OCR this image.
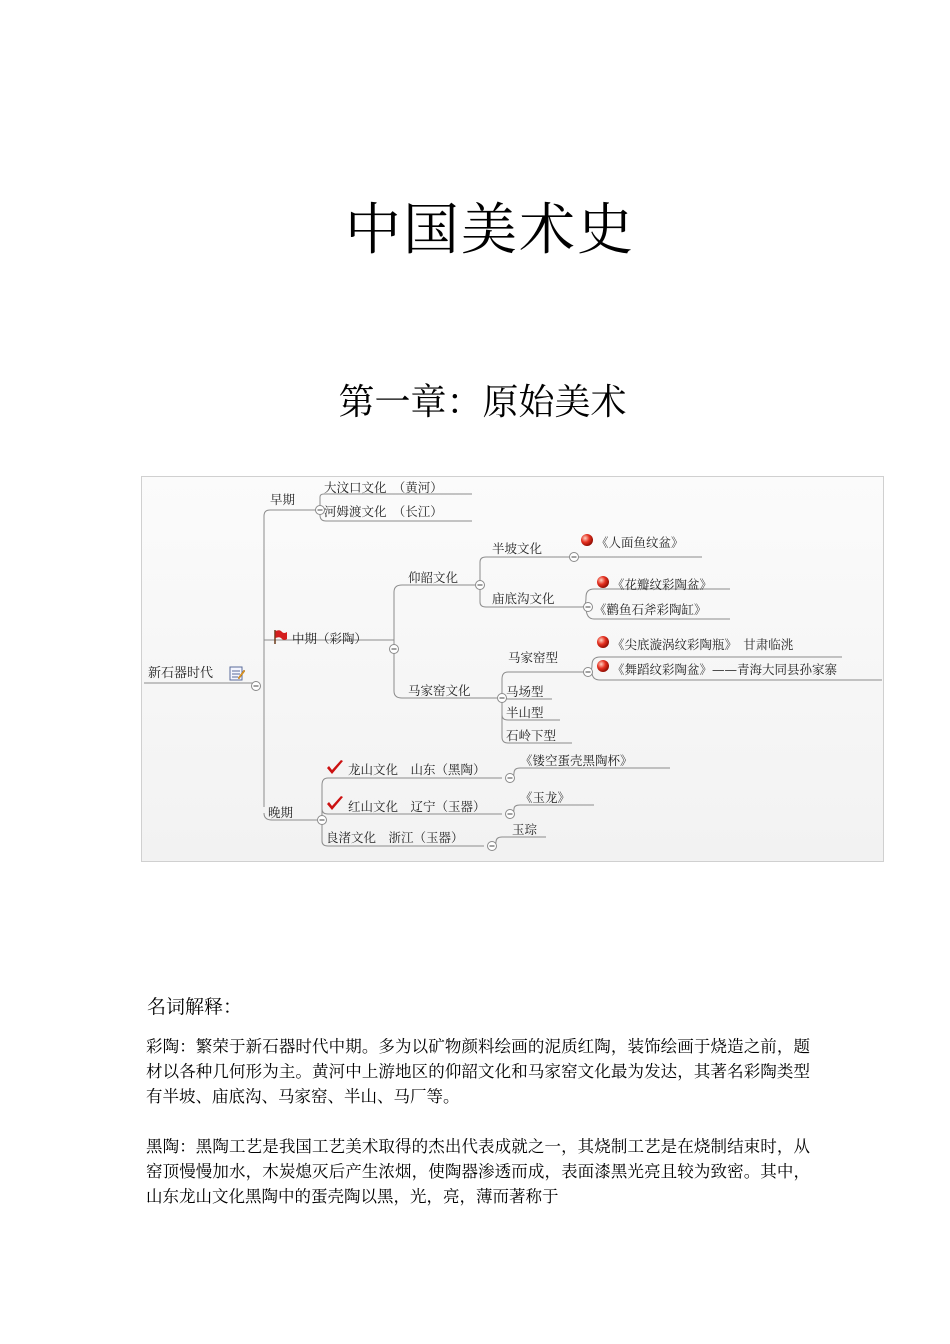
中国美术史
第一章：原始美术
新石器时代
早期
大汶口文化　（黄河）
河姆渡文化　（长江）
中期（彩陶）
仰韶文化
半坡文化	《人面鱼纹盆》
庙底沟文化
《花瓣纹彩陶盆》
《鹳鱼石斧彩陶缸》
马家窑文化
马家窑型
《尖底漩涡纹彩陶瓶》　甘肃临洮
《舞蹈纹彩陶盆》——青海大同县孙家寨
马场型
半山型
石岭下型
晚期
龙山文化　山东（黑陶）
《镂空蛋壳黑陶杯》
红山文化　辽宁（玉器）
《玉龙》
良渚文化　浙江（玉器）
玉琮
名词解释：
彩陶：繁荣于新石器时代中期。多为以矿物颜料绘画的泥质红陶，装饰绘画于烧造之前，题材以各种几何形为主。黄河中上游地区的仰韶文化和马家窑文化最为发达，其著名彩陶类型有半坡、庙底沟、马家窑、半山、马厂等。
黑陶：黑陶工艺是我国工艺美术取得的杰出代表成就之一，其烧制工艺是在烧制结束时，从窑顶慢慢加水，木炭熄灭后产生浓烟，使陶器渗透而成，表面漆黑光亮且较为致密。其中，山东龙山文化黑陶中的蛋壳陶以黑，光，亮，薄而著称于
